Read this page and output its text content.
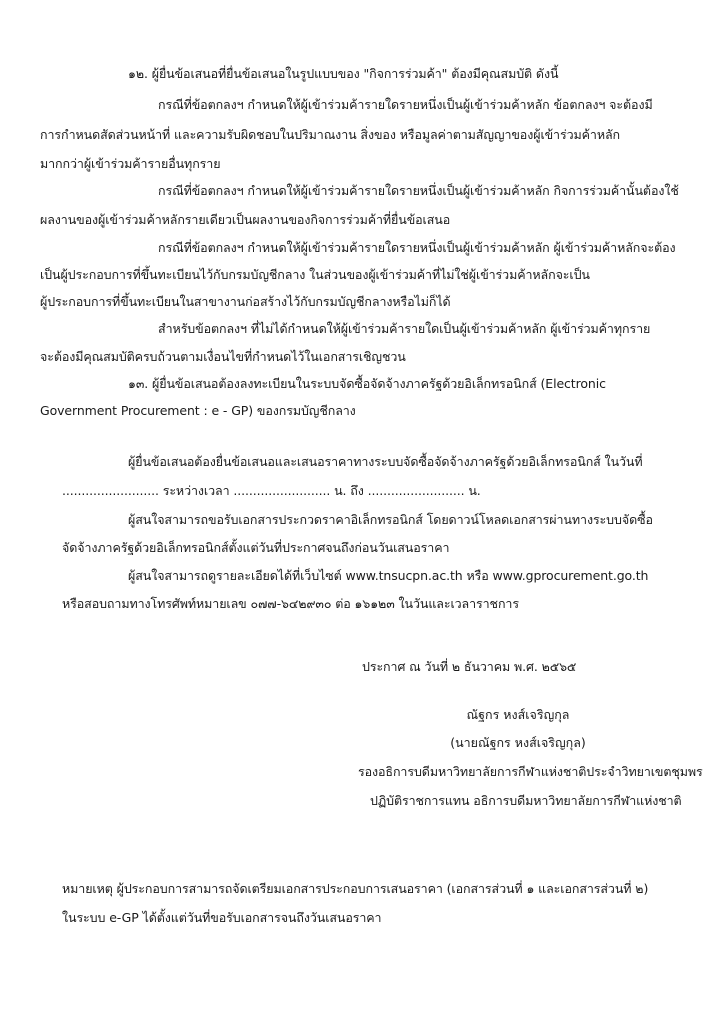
๑๒. ผู้ยื่นข้อเสนอที่ยื่นข้อเสนอในรูปแบบของ "กิจการร่วมค้า" ต้องมีคุณสมบัติ ดังนี้
กรณีที่ข้อตกลงฯ กำหนดให้ผู้เข้าร่วมค้ารายใดรายหนึ่งเป็นผู้เข้าร่วมค้าหลัก ข้อตกลงฯ จะต้องมี
การกำหนดสัดส่วนหน้าที่ และความรับผิดชอบในปริมาณงาน สิ่งของ หรือมูลค่าตามสัญญาของผู้เข้าร่วมค้าหลัก
มากกว่าผู้เข้าร่วมค้ารายอื่นทุกราย
กรณีที่ข้อตกลงฯ กำหนดให้ผู้เข้าร่วมค้ารายใดรายหนึ่งเป็นผู้เข้าร่วมค้าหลัก กิจการร่วมค้านั้นต้องใช้
ผลงานของผู้เข้าร่วมค้าหลักรายเดียวเป็นผลงานของกิจการร่วมค้าที่ยื่นข้อเสนอ
กรณีที่ข้อตกลงฯ กำหนดให้ผู้เข้าร่วมค้ารายใดรายหนึ่งเป็นผู้เข้าร่วมค้าหลัก ผู้เข้าร่วมค้าหลักจะต้อง
เป็นผู้ประกอบการที่ขึ้นทะเบียนไว้กับกรมบัญชีกลาง ในส่วนของผู้เข้าร่วมค้าที่ไม่ใช่ผู้เข้าร่วมค้าหลักจะเป็น
ผู้ประกอบการที่ขึ้นทะเบียนในสาขางานก่อสร้างไว้กับกรมบัญชีกลางหรือไม่ก็ได้
สำหรับข้อตกลงฯ ที่ไม่ได้กำหนดให้ผู้เข้าร่วมค้ารายใดเป็นผู้เข้าร่วมค้าหลัก ผู้เข้าร่วมค้าทุกราย
จะต้องมีคุณสมบัติครบถ้วนตามเงื่อนไขที่กำหนดไว้ในเอกสารเชิญชวน
๑๓. ผู้ยื่นข้อเสนอต้องลงทะเบียนในระบบจัดซื้อจัดจ้างภาครัฐด้วยอิเล็กทรอนิกส์ (Electronic
Government Procurement : e - GP) ของกรมบัญชีกลาง
ผู้ยื่นข้อเสนอต้องยื่นข้อเสนอและเสนอราคาทางระบบจัดซื้อจัดจ้างภาครัฐด้วยอิเล็กทรอนิกส์ ในวันที่
......................... ระหว่างเวลา ......................... น. ถึง ......................... น.
ผู้สนใจสามารถขอรับเอกสารประกวดราคาอิเล็กทรอนิกส์ โดยดาวน์โหลดเอกสารผ่านทางระบบจัดซื้อ
จัดจ้างภาครัฐด้วยอิเล็กทรอนิกส์ตั้งแต่วันที่ประกาศจนถึงก่อนวันเสนอราคา
ผู้สนใจสามารถดูรายละเอียดได้ที่เว็บไซต์ www.tnsucpn.ac.th หรือ www.gprocurement.go.th
หรือสอบถามทางโทรศัพท์หมายเลข ๐๗๗-๖๔๒๙๓๐ ต่อ ๑๖๑๒๓ ในวันและเวลาราชการ
ประกาศ ณ วันที่ ๒ ธันวาคม พ.ศ. ๒๕๖๕
ณัฐกร หงส์เจริญกุล
(นายณัฐกร หงส์เจริญกุล)
รองอธิการบดีมหาวิทยาลัยการกีฬาแห่งชาติประจำวิทยาเขตชุมพร
ปฏิบัติราชการแทน อธิการบดีมหาวิทยาลัยการกีฬาแห่งชาติ
หมายเหตุ ผู้ประกอบการสามารถจัดเตรียมเอกสารประกอบการเสนอราคา (เอกสารส่วนที่ ๑ และเอกสารส่วนที่ ๒)
ในระบบ e-GP ได้ตั้งแต่วันที่ขอรับเอกสารจนถึงวันเสนอราคา
